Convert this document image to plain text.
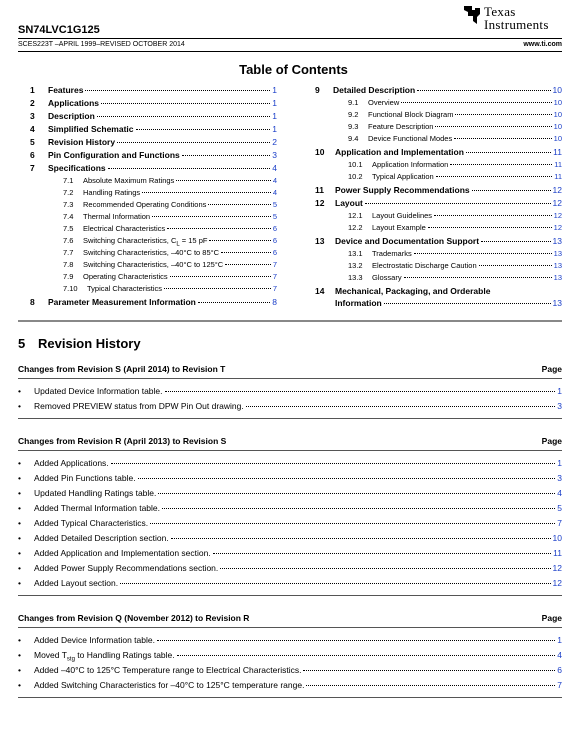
Texas
Instruments
SN74LVC1G125
SCES223T –APRIL 1999–REVISED OCTOBER 2014	www.ti.com
Table of Contents
1	Features	1
2	Applications	1
3	Description	1
4	Simplified Schematic	1
5	Revision History	2
6	Pin Configuration and Functions	3
7	Specifications	4
7.1	Absolute Maximum Ratings	4
7.2	Handling Ratings	4
7.3	Recommended Operating Conditions	5
7.4	Thermal Information	5
7.5	Electrical Characteristics	6
7.6	Switching Characteristics, $C_L = 15$ pF	6
7.7	Switching Characteristics, –40°C to 85°C	6
7.8	Switching Characteristics, –40°C to 125°C	7
7.9	Operating Characteristics	7
7.10	Typical Characteristics	7
8	Parameter Measurement Information	8
9	Detailed Description	10
9.1	Overview	10
9.2	Functional Block Diagram	10
9.3	Feature Description	10
9.4	Device Functional Modes	10
10	Application and Implementation	11
10.1	Application Information	11
10.2	Typical Application	11
11	Power Supply Recommendations	12
12	Layout	12
12.1	Layout Guidelines	12
12.2	Layout Example	12
13	Device and Documentation Support	13
13.1	Trademarks	13
13.2	Electrostatic Discharge Caution	13
13.3	Glossary	13
14	Mechanical, Packaging, and Orderable
Information	13
5 Revision History
Changes from Revision S (April 2014) to Revision T	Page
•	Updated Device Information table.	1
•	Removed PREVIEW status from DPW Pin Out drawing.	3
Changes from Revision R (April 2013) to Revision S	Page
•	Added Applications.	1
•	Added Pin Functions table.	3
•	Updated Handling Ratings table.	4
•	Added Thermal Information table.	5
•	Added Typical Characteristics.	7
•	Added Detailed Description section.	10
•	Added Application and Implementation section.	11
•	Added Power Supply Recommendations section.	12
•	Added Layout section.	12
Changes from Revision Q (November 2012) to Revision R	Page
•	Added Device Information table.	1
•	Moved $T_{stg}$ to Handling Ratings table.	4
•	Added –40°C to 125°C Temperature range to Electrical Characteristics.	6
•	Added Switching Characteristics for –40°C to 125°C temperature range.	7
